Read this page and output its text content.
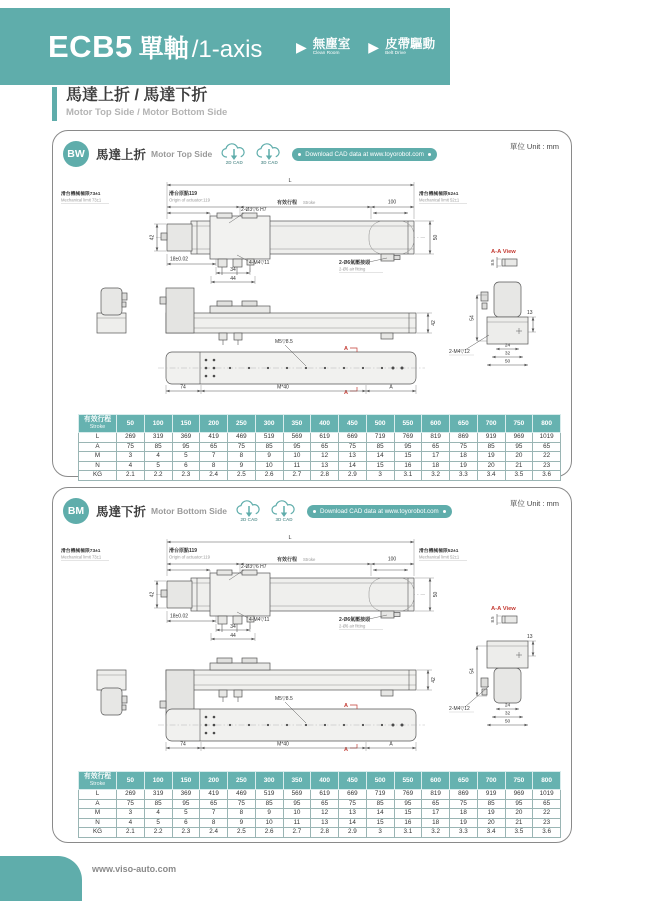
ECB5 單軸 /1-axis ▶ 無塵室
Clean Room	▶ 皮帶驅動
Belt Drive
馬達上折 / 馬達下折
Motor Top Side / Motor Bottom Side
BW 馬達上折 Motor Top Side
2D CAD	3D CAD
Download CAD data at www.toyorobot.com
單位 Unit : mm
L
滑台原點119
Origin of actuator:119	有效行程 Stroke	100
滑台機械極限73±1
Mechanical limit 73±1
滑台機械極限52±1
Mechanical limit 52±1
42	50
2-Ø3▽6 H7
4-M4▽11
18±0.02
34
44
2-Ø6氣壓接頭
2-Ø6 air fitting
42
M5▽8.5
A
A
74	M*40	A
A-A View
8.5
54
13
24
32
50
2-M4▽12
有效行程
Stroke	50	100	150	200	250	300	350	400	450	500	550	600	650	700	750	800
L	269	319	369	419	469	519	569	619	669	719	769	819	869	919	969	1019
A	75	85	95	65	75	85	95	65	75	85	95	65	75	85	95	65
M	3	4	5	7	8	9	10	12	13	14	15	17	18	19	20	22
N	4	5	6	8	9	10	11	13	14	15	16	18	19	20	21	23
KG	2.1	2.2	2.3	2.4	2.5	2.6	2.7	2.8	2.9	3	3.1	3.2	3.3	3.4	3.5	3.6
BM 馬達下折 Motor Bottom Side
2D CAD	3D CAD
Download CAD data at www.toyorobot.com
單位 Unit : mm
L
滑台原點119
Origin of actuator:119	有效行程 Stroke	100
滑台機械極限73±1
Mechanical limit 73±1
滑台機械極限52±1
Mechanical limit 52±1
42	50
2-Ø3▽6 H7
4-M4▽11
18±0.02
34
44
2-Ø6氣壓接頭
2-Ø6 air fitting
42
M5▽8.5
A
A
74	M*40	A
A-A View
8.5
54
13
24
32
50
2-M4▽12
有效行程
Stroke	50	100	150	200	250	300	350	400	450	500	550	600	650	700	750	800
L	269	319	369	419	469	519	569	619	669	719	769	819	869	919	969	1019
A	75	85	95	65	75	85	95	65	75	85	95	65	75	85	95	65
M	3	4	5	7	8	9	10	12	13	14	15	17	18	19	20	22
N	4	5	6	8	9	10	11	13	14	15	16	18	19	20	21	23
KG	2.1	2.2	2.3	2.4	2.5	2.6	2.7	2.8	2.9	3	3.1	3.2	3.3	3.4	3.5	3.6
www.viso-auto.com
